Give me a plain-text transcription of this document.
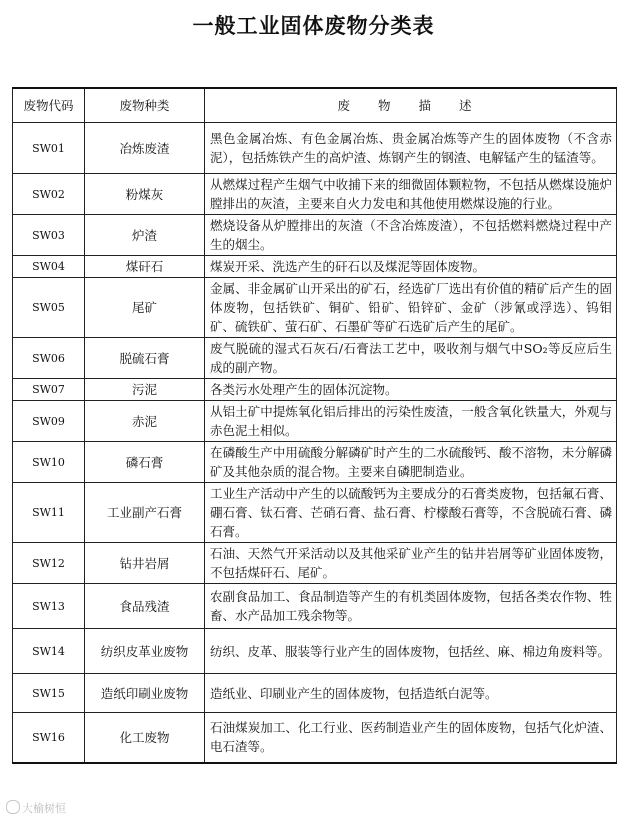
一般工业固体废物分类表
废物代码	废物种类	废 物 描 述
SW01	冶炼废渣	黑色金属冶炼、有色金属冶炼、贵金属冶炼等产生的固体废物（不含赤泥），包括炼铁产生的高炉渣、炼钢产生的钢渣、电解锰产生的锰渣等。
SW02	粉煤灰	从燃煤过程产生烟气中收捕下来的细微固体颗粒物，不包括从燃煤设施炉膛排出的灰渣，主要来自火力发电和其他使用燃煤设施的行业。
SW03	炉渣	燃烧设备从炉膛排出的灰渣（不含冶炼废渣），不包括燃料燃烧过程中产生的烟尘。
SW04	煤矸石	煤炭开采、洗选产生的矸石以及煤泥等固体废物。
SW05	尾矿	金属、非金属矿山开采出的矿石，经选矿厂选出有价值的精矿后产生的固体废物，包括铁矿、铜矿、铅矿、铅锌矿、金矿（涉氰或浮选）、钨钼矿、硫铁矿、萤石矿、石墨矿等矿石选矿后产生的尾矿。
SW06	脱硫石膏	废气脱硫的湿式石灰石/石膏法工艺中，吸收剂与烟气中SO₂等反应后生成的副产物。
SW07	污泥	各类污水处理产生的固体沉淀物。
SW09	赤泥	从铝土矿中提炼氧化铝后排出的污染性废渣，一般含氧化铁量大，外观与赤色泥土相似。
SW10	磷石膏	在磷酸生产中用硫酸分解磷矿时产生的二水硫酸钙、酸不溶物，未分解磷矿及其他杂质的混合物。主要来自磷肥制造业。
SW11	工业副产石膏	工业生产活动中产生的以硫酸钙为主要成分的石膏类废物，包括氟石膏、硼石膏、钛石膏、芒硝石膏、盐石膏、柠檬酸石膏等，不含脱硫石膏、磷石膏。
SW12	钻井岩屑	石油、天然气开采活动以及其他采矿业产生的钻井岩屑等矿业固体废物，不包括煤矸石、尾矿。
SW13	食品残渣	农副食品加工、食品制造等产生的有机类固体废物，包括各类农作物、牲畜、水产品加工残余物等。
SW14	纺织皮革业废物	纺织、皮革、服装等行业产生的固体废物，包括丝、麻、棉边角废料等。
SW15	造纸印刷业废物	造纸业、印刷业产生的固体废物，包括造纸白泥等。
SW16	化工废物	石油煤炭加工、化工行业、医药制造业产生的固体废物，包括气化炉渣、电石渣等。
大榆树恒
